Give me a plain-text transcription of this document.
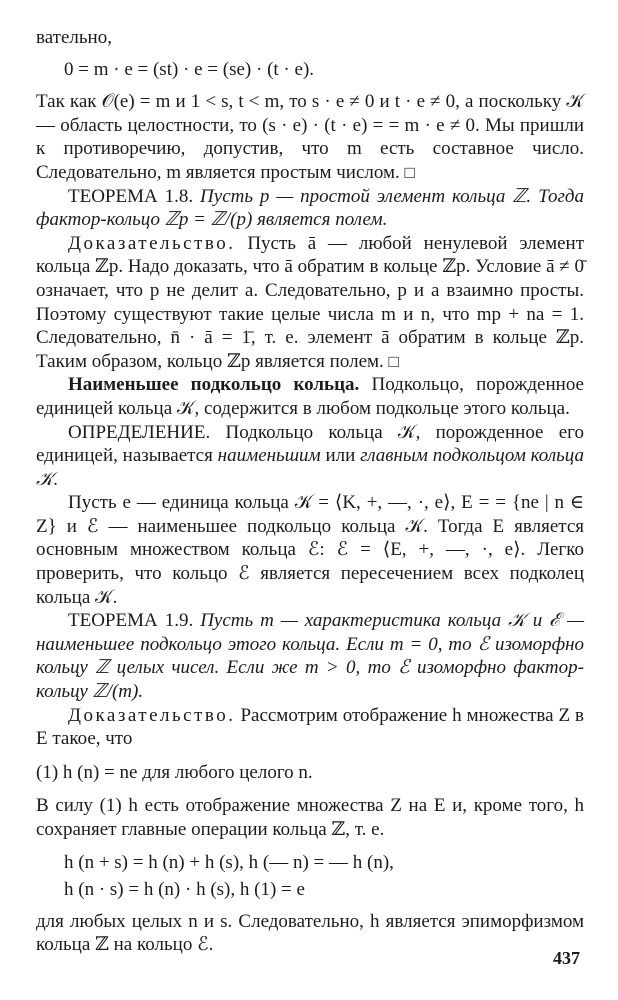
вательно,

0 = m · e = (st) · e = (se) · (t · e).

Так как 𝒪(e) = m и 1 < s, t < m, то s · e ≠ 0 и t · e ≠ 0, а поскольку 𝒦 — область целостности, то (s · e) · (t · e) = = m · e ≠ 0. Мы пришли к противоречию, допустив, что m есть составное число. Следовательно, m является простым числом. □

ТЕОРЕМА 1.8. Пусть p — простой элемент кольца ℤ. Тогда фактор-кольцо ℤp = ℤ/(p) является полем.

Доказательство. Пусть ā — любой ненулевой элемент кольца ℤp. Надо доказать, что ā обратим в кольце ℤp. Условие ā ≠ 0̄ означает, что p не делит a. Следовательно, p и a взаимно просты. Поэтому существуют такие целые числа m и n, что mp + na = 1. Следовательно, n̄ · ā = 1̄, т. е. элемент ā обратим в кольце ℤp. Таким образом, кольцо ℤp является полем. □

Наименьшее подкольцо кольца. Подкольцо, порожденное единицей кольца 𝒦, содержится в любом подкольце этого кольца.

ОПРЕДЕЛЕНИЕ. Подкольцо кольца 𝒦, порожденное его единицей, называется наименьшим или главным подкольцом кольца 𝒦.

Пусть e — единица кольца 𝒦 = ⟨K, +, —, ·, e⟩, E = = {ne | n ∈ Z} и ℰ — наименьшее подкольцо кольца 𝒦. Тогда E является основным множеством кольца ℰ: ℰ = ⟨E, +, —, ·, e⟩. Легко проверить, что кольцо ℰ является пересечением всех подколец кольца 𝒦.

ТЕОРЕМА 1.9. Пусть m — характеристика кольца 𝒦 и ℰ — наименьшее подкольцо этого кольца. Если m = 0, то ℰ изоморфно кольцу ℤ целых чисел. Если же m > 0, то ℰ изоморфно фактор-кольцу ℤ/(m).

Доказательство. Рассмотрим отображение h множества Z в E такое, что

(1) h (n) = ne для любого целого n.

В силу (1) h есть отображение множества Z на E и, кроме того, h сохраняет главные операции кольца ℤ, т. е.

h (n + s) = h (n) + h (s), h (— n) = — h (n),
h (n · s) = h (n) · h (s), h (1) = e

для любых целых n и s. Следовательно, h является эпиморфизмом кольца ℤ на кольцо ℰ.

437
